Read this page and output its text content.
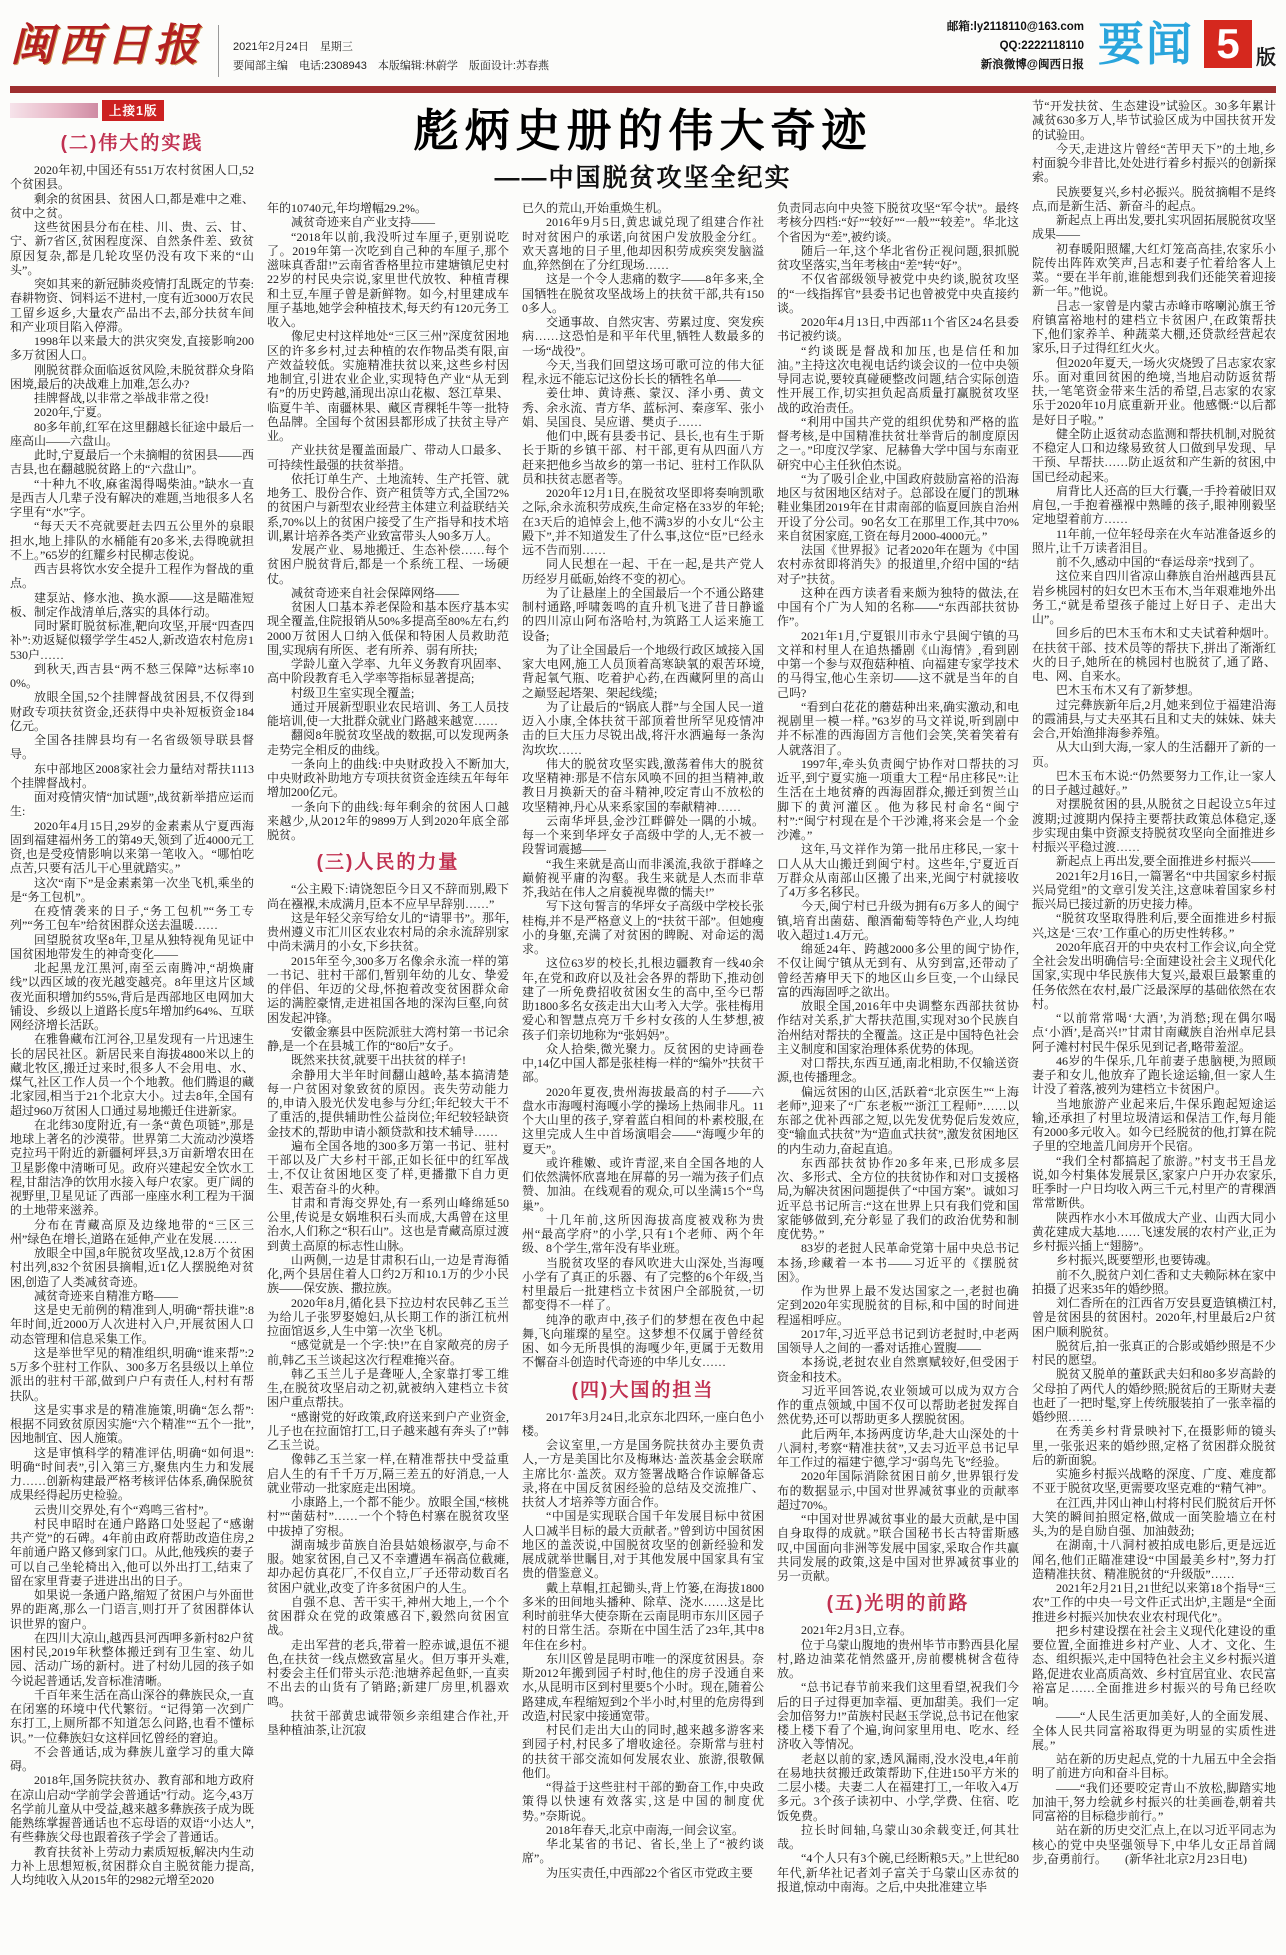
闽西日报	2021年2月24日　星期三
要闻部主编　电话:2308943　本版编辑:林蔚学　版面设计:苏春燕
邮箱:ly2118110@163.com
QQ:2222118110
新浪微博@闽西日报 要闻 5 版
上接1版
(二)伟大的实践

2020年初,中国还有551万农村贫困人口,52个贫困县。

剩余的贫困县、贫困人口,都是难中之难、贫中之贫。

这些贫困县分布在桂、川、贵、云、甘、宁、新7省区,贫困程度深、自然条件差、致贫原因复杂,都是几轮攻坚仍没有攻下来的“山头”。

突如其来的新冠肺炎疫情打乱既定的节奏:春耕物资、饲料运不进村,一度有近3000万农民工留乡返乡,大量农产品出不去,部分扶贫车间和产业项目陷入停滞。

1998年以来最大的洪灾突发,直接影响200多万贫困人口。

刚脱贫群众面临返贫风险,未脱贫群众身陷困境,最后的决战难上加难,怎么办?

挂牌督战,以非常之举战非常之役!

2020年,宁夏。

80多年前,红军在这里翻越长征途中最后一座高山——六盘山。

此时,宁夏最后一个未摘帽的贫困县——西吉县,也在翻越脱贫路上的“六盘山”。

“十种九不收,麻雀渴得喝柴油。”缺水一直是西吉人几辈子没有解决的难题,当地很多人名字里有“水”字。

“每天天不亮就要赶去四五公里外的泉眼担水,地上排队的水桶能有20多米,去得晚就担不上。”65岁的红耀乡村民柳志俊说。

西吉县将饮水安全提升工程作为督战的重点。

建泵站、修水池、换水源——这是瞄准短板、制定作战清单后,落实的具体行动。

同时紧盯脱贫标准,靶向攻坚,开展“四查四补”:劝返疑似辍学学生452人,新改造农村危房1530户……

到秋天,西吉县“两不愁三保障”达标率100%。

放眼全国,52个挂牌督战贫困县,不仅得到财政专项扶贫资金,还获得中央补短板资金184亿元。

全国各挂牌县均有一名省级领导联县督导。

东中部地区2008家社会力量结对帮扶1113个挂牌督战村。

面对疫情灾情“加试题”,战贫新举措应运而生:

2020年4月15日,29岁的金素素从宁夏西海固到福建福州务工的第49天,领到了近4000元工资,也是受疫情影响以来第一笔收入。“哪怕吃点苦,只要有活儿干心里就踏实。”

这次“南下”是金素素第一次坐飞机,乘坐的是“务工包机”。

在疫情袭来的日子,“务工包机”“务工专列”“务工包车”给贫困群众送去温暖……

回望脱贫攻坚8年,卫星从独特视角见证中国贫困地带发生的神奇变化——

北起黑龙江黑河,南至云南腾冲,“胡焕庸线”以西区域的夜光越变越亮。8年里这片区域夜光面积增加约55%,背后是西部地区电网加大铺设、乡级以上道路长度5年增加约64%、互联网经济增长活跃。

在雅鲁藏布江河谷,卫星发现有一片迅速生长的居民社区。新居民来自海拔4800米以上的藏北牧区,搬迁过来时,很多人不会用电、水、煤气,社区工作人员一个个地教。他们腾退的藏北家园,相当于21个北京大小。过去8年,全国有超过960万贫困人口通过易地搬迁住进新家。

在北纬30度附近,有一条“黄色项链”,那是地球上著名的沙漠带。世界第二大流动沙漠塔克拉玛干附近的新疆柯坪县,3万亩新增农田在卫星影像中清晰可见。政府兴建起安全饮水工程,甘甜洁净的饮用水接入每户农家。更广阔的视野里,卫星见证了西部一座座水利工程为干涸的土地带来滋养。

分布在青藏高原及边缘地带的“三区三州”绿色在增长,道路在延伸,产业在发展……

放眼全中国,8年脱贫攻坚战,12.8万个贫困村出列,832个贫困县摘帽,近1亿人摆脱绝对贫困,创造了人类减贫奇迹。

减贫奇迹来自精准方略——

这是史无前例的精准到人,明确“帮扶谁”:8年时间,近2000万人次进村入户,开展贫困人口动态管理和信息采集工作。

这是举世罕见的精准组织,明确“谁来帮”:25万多个驻村工作队、300多万名县级以上单位派出的驻村干部,做到户户有责任人,村村有帮扶队。

这是实事求是的精准施策,明确“怎么帮”:根据不同致贫原因实施“六个精准”“五个一批”,因地制宜、因人施策。

这是审慎科学的精准评估,明确“如何退”:明确“时间表”,引入第三方,聚焦内生力和发展力……创新构建最严格考核评估体系,确保脱贫成果经得起历史检验。

云贵川交界处,有个“鸡鸣三省村”。

村民申昭时在通户路路口处竖起了“感谢共产党”的石碑。4年前由政府帮助改造住房,2年前通户路又修到家门口。从此,他残疾的妻子可以自己坐轮椅出入,他可以外出打工,结束了留在家里背妻子进进出出的日子。

如果说一条通户路,缩短了贫困户与外面世界的距离,那么一门语言,则打开了贫困群体认识世界的窗户。

在四川大凉山,越西县河西呷多新村82户贫困村民,2019年秋整体搬迁到有卫生室、幼儿园、活动广场的新村。进了村幼儿园的孩子如今说起普通话,发音标准清晰。

千百年来生活在高山深谷的彝族民众,一直在闭塞的环境中代代繁衍。“记得第一次到广东打工,上厕所都不知道怎么问路,也看不懂标识。”一位彝族妇女这样回忆曾经的窘迫。

不会普通话,成为彝族儿童学习的重大障碍。

2018年,国务院扶贫办、教育部和地方政府在凉山启动“学前学会普通话”行动。迄今,43万名学前儿童从中受益,越来越多彝族孩子成为既能熟练掌握普通话也不忘母语的双语“小达人”,有些彝族父母也跟着孩子学会了普通话。

教育扶贫补上劳动力素质短板,解决内生动力补上思想短板,贫困群众自主脱贫能力提高,人均纯收入从2015年的2982元增至2020

彪炳史册的伟大奇迹
——中国脱贫攻坚全纪实

年的10740元,年均增幅29.2%。

减贫奇迹来自产业支持——

“2018年以前,我没听过车厘子,更别说吃了。2019年第一次吃到自己种的车厘子,那个滋味真香甜!”云南省香格里拉市建塘镇尼史村22岁的村民央宗说,家里世代放牧、种植青稞和土豆,车厘子曾是新鲜物。如今,村里建成车厘子基地,她学会种植技术,每天约有120元务工收入。

像尼史村这样地处“三区三州”深度贫困地区的许多乡村,过去种植的农作物品类有限,亩产效益较低。实施精准扶贫以来,这些乡村因地制宜,引进农业企业,实现特色产业“从无到有”的历史跨越,涌现出凉山花椒、怒江草果、临夏牛羊、南疆林果、藏区青稞牦牛等一批特色品牌。全国每个贫困县都形成了扶贫主导产业。

产业扶贫是覆盖面最广、带动人口最多、可持续性最强的扶贫举措。

依托订单生产、土地流转、生产托管、就地务工、股份合作、资产租赁等方式,全国72%的贫困户与新型农业经营主体建立利益联结关系,70%以上的贫困户接受了生产指导和技术培训,累计培养各类产业致富带头人90多万人。

发展产业、易地搬迁、生态补偿……每个贫困户脱贫背后,都是一个系统工程、一场硬仗。

减贫奇迹来自社会保障网络——

贫困人口基本养老保险和基本医疗基本实现全覆盖,住院报销从50%多提高至80%左右,约2000万贫困人口纳入低保和特困人员救助范围,实现病有所医、老有所养、弱有所扶;

学龄儿童入学率、九年义务教育巩固率、高中阶段教育毛入学率等指标显著提高;

村级卫生室实现全覆盖;

通过开展新型职业农民培训、务工人员技能培训,使一大批群众就业门路越来越宽……

翻阅8年脱贫攻坚战的数据,可以发现两条走势完全相反的曲线。

一条向上的曲线:中央财政投入不断加大,中央财政补助地方专项扶贫资金连续五年每年增加200亿元。

一条向下的曲线:每年剩余的贫困人口越来越少,从2012年的9899万人到2020年底全部脱贫。

(三)人民的力量

“公主殿下:请饶恕臣今日又不辞而别,殿下尚在襁褓,未成满月,臣本不应早早辞别……”

这是年轻父亲写给女儿的“请罪书”。那年,贵州遵义市汇川区农业农村局的余永流辞别家中尚未满月的小女,下乡扶贫。

2015年至今,300多万名像余永流一样的第一书记、驻村干部们,暂别年幼的儿女、挚爱的伴侣、年迈的父母,怀抱着改变贫困群众命运的满腔豪情,走进祖国各地的深沟巨壑,向贫困发起冲锋。

安徽金寨县中医院派驻大湾村第一书记余静,是一个在县城工作的“80后”女子。

既然来扶贫,就要干出扶贫的样子!

余静用大半年时间翻山越岭,基本搞清楚每一户贫困对象致贫的原因。丧失劳动能力的,申请入股光伏发电参与分红;年纪较大干不了重活的,提供辅助性公益岗位;年纪较轻缺资金技术的,帮助申请小额贷款和技术辅导……

遍布全国各地的300多万第一书记、驻村干部以及广大乡村干部,正如长征中的红军战士,不仅让贫困地区变了样,更播撒下自力更生、艰苦奋斗的火种。

甘肃和青海交界处,有一系列山峰绵延50公里,传说是女娲堆积石头而成,大禹曾在这里治水,人们称之“积石山”。这也是青藏高原过渡到黄土高原的标志性山脉。

山两侧,一边是甘肃积石山,一边是青海循化,两个县居住着人口约2万和10.1万的少小民族——保安族、撒拉族。

2020年8月,循化县下拉边村农民韩乙玉兰为给儿子张罗娶媳妇,从长期工作的浙江杭州拉面馆返乡,人生中第一次坐飞机。

“感觉就是一个字:快!”在自家敞亮的房子前,韩乙玉兰谈起这次行程难掩兴奋。

韩乙玉兰儿子是聋哑人,全家靠打零工维生,在脱贫攻坚启动之初,就被纳入建档立卡贫困户重点帮扶。

“感谢党的好政策,政府送来到户产业资金,儿子也在拉面馆打工,日子越来越有奔头了!”韩乙玉兰说。

像韩乙玉兰家一样,在精准帮扶中受益重启人生的有千千万万,隔三差五的好消息,一人就业带动一批家庭走出困境。

小康路上,一个都不能少。放眼全国,“核桃村”“菌菇村”……一个个特色村寨在脱贫攻坚中拔掉了穷根。

湖南城步苗族自治县姑娘杨淑亭,与命不服。她家贫困,自己又不幸遭遇车祸高位截瘫,却办起仿真花厂,不仅自立,厂子还带动数百名贫困户就业,改变了许多贫困户的人生。

自强不息、苦干实干,神州大地上,一个个贫困群众在党的政策感召下,毅然向贫困宣战。

走出军营的老兵,带着一腔赤诚,退伍不褪色,在扶贫一线点燃致富星火。但万事开头难,村委会主任们带头示范:池塘养起鱼虾,一直卖不出去的山货有了销路;新建厂房里,机器欢鸣。

扶贫干部黄忠诚带领乡亲组建合作社,开垦种植油茶,让沉寂

已久的荒山,开始重焕生机。

2016年9月5日,黄忠诚兑现了组建合作社时对贫困户的承诺,向贫困户发放股金分红。欢天喜地的日子里,他却因积劳成疾突发脑溢血,猝然倒在了分红现场……

这是一个令人悲痛的数字——8年多来,全国牺牲在脱贫攻坚战场上的扶贫干部,共有1500多人。

交通事故、自然灾害、劳累过度、突发疾病……这恐怕是和平年代里,牺牲人数最多的一场“战役”。

今天,当我们回望这场可歌可泣的伟大征程,永远不能忘记这份长长的牺牲名单——

姜仕坤、黄诗燕、蒙汉、泽小勇、黄文秀、余永流、青方华、蓝标河、秦彦军、张小娟、吴国良、吴应谱、樊贞子……

他们中,既有县委书记、县长,也有生于斯长于斯的乡镇干部、村干部,更有从四面八方赶来把他乡当故乡的第一书记、驻村工作队队员和扶贫志愿者等。

2020年12月1日,在脱贫攻坚即将奏响凯歌之际,余永流积劳成疾,生命定格在33岁的年轮;在3天后的追悼会上,他不满3岁的小女儿“公主殿下”,并不知道发生了什么事,这位“臣”已经永远不告而别……

同人民想在一起、干在一起,是共产党人历经岁月砥砺,始终不变的初心。

为了让悬崖上的全国最后一个不通公路建制村通路,呼啸轰鸣的直升机飞进了昔日静谧的四川凉山阿布洛哈村,为筑路工人运来施工设备;

为了让全国最后一个地级行政区域接入国家大电网,施工人员顶着高寒缺氧的艰苦环境,背起氧气瓶、吃着护心药,在西藏阿里的高山之巅竖起塔架、架起线缆;

为了让最后的“锅底人群”与全国人民一道迈入小康,全体扶贫干部顶着世所罕见疫情冲击的巨大压力尽锐出战,将汗水洒遍每一条沟沟坎坎……

伟大的脱贫攻坚实践,激荡着伟大的脱贫攻坚精神:那是不信东风唤不回的担当精神,敢教日月换新天的奋斗精神,咬定青山不放松的攻坚精神,丹心从来系家国的奉献精神……

云南华坪县,金沙江畔僻处一隅的小城。每一个来到华坪女子高级中学的人,无不被一段誓词震撼——

“我生来就是高山而非溪流,我欲于群峰之巅俯视平庸的沟壑。我生来就是人杰而非草芥,我站在伟人之肩藐视卑微的懦夫!”

写下这句誓言的华坪女子高级中学校长张桂梅,并不是严格意义上的“扶贫干部”。但她瘦小的身躯,充满了对贫困的睥睨、对命运的渴求。

这位63岁的校长,扎根边疆教育一线40余年,在党和政府以及社会各界的帮助下,推动创建了一所免费招收贫困女生的高中,至今已帮助1800多名女孩走出大山考入大学。张桂梅用爱心和智慧点亮万千乡村女孩的人生梦想,被孩子们亲切地称为“张妈妈”。

众人拾柴,微光聚力。反贫困的史诗画卷中,14亿中国人都是张桂梅一样的“编外”扶贫干部。

2020年夏夜,贵州海拔最高的村子——六盘水市海嘎村海嘎小学的操场上热闹非凡。11个大山里的孩子,穿着蓝白相间的朴素校服,在这里完成人生中首场演唱会——“海嘎少年的夏天”。

或许稚嫩、或许青涩,来自全国各地的人们依然满怀欣喜地在屏幕的另一端为孩子们点赞、加油。在线观看的观众,可以坐满15个“鸟巢”。

十几年前,这所因海拔高度被戏称为贵州“最高学府”的小学,只有1个老师、两个年级、8个学生,常年没有毕业班。

当脱贫攻坚的春风吹进大山深处,当海嘎小学有了真正的乐器、有了完整的6个年级,当村里最后一批建档立卡贫困户全部脱贫,一切都变得不一样了。

纯净的歌声中,孩子们的梦想在夜色中起舞,飞向璀璨的星空。这梦想不仅属于曾经贫困、如今无所畏惧的海嘎少年,更属于无数用不懈奋斗创造时代奇迹的中华儿女……

(四)大国的担当

2017年3月24日,北京东北四环,一座白色小楼。

会议室里,一方是国务院扶贫办主要负责人,一方是美国比尔及梅琳达·盖茨基金会联席主席比尔·盖茨。双方签署战略合作谅解备忘录,将在中国反贫困经验的总结及交流推广、扶贫人才培养等方面合作。

“中国是实现联合国千年发展目标中贫困人口减半目标的最大贡献者。”曾到访中国贫困地区的盖茨说,中国脱贫攻坚的创新经验和发展成就举世瞩目,对于其他发展中国家具有宝贵的借鉴意义。

戴上草帽,扛起锄头,背上竹篓,在海拔1800多米的田间地头播种、除草、浇水……这是比利时前驻华大使奈斯在云南昆明市东川区园子村的日常生活。奈斯在中国生活了23年,其中8年住在乡村。

东川区曾是昆明市唯一的深度贫困县。奈斯2012年搬到园子村时,他住的房子没通自来水,从昆明市区到村里要5个小时。现在,随着公路建成,车程缩短到2个半小时,村里的危房得到改造,村民家中接通宽带。

村民们走出大山的同时,越来越多游客来到园子村,村民多了增收途径。奈斯常与驻村的扶贫干部交流如何发展农业、旅游,很敬佩他们。

“得益于这些驻村干部的勤奋工作,中央政策得以快速有效落实,这是中国的制度优势。”奈斯说。

2018年春天,北京中南海,一间会议室。

华北某省的书记、省长,坐上了“被约谈席”。

为压实责任,中西部22个省区市党政主要

负责同志向中央签下脱贫攻坚“军令状”。最终考核分四档:“好”“较好”“一般”“较差”。华北这个省因为“差”,被约谈。

随后一年,这个华北省份正视问题,狠抓脱贫攻坚落实,当年考核由“差”转“好”。

不仅省部级领导被党中央约谈,脱贫攻坚的“一线指挥官”县委书记也曾被党中央直接约谈。

2020年4月13日,中西部11个省区24名县委书记被约谈。

“约谈既是督战和加压,也是信任和加油。”主持这次电视电话约谈会议的一位中央领导同志说,要较真碰硬整改问题,结合实际创造性开展工作,切实担负起高质量打赢脱贫攻坚战的政治责任。

“利用中国共产党的组织优势和严格的监督考核,是中国精准扶贫壮举背后的制度原因之一。”印度汉学家、尼赫鲁大学中国与东南亚研究中心主任狄伯杰说。

“为了吸引企业,中国政府鼓励富裕的沿海地区与贫困地区结对子。总部设在厦门的凯琳鞋业集团2019年在甘肃南部的临夏回族自治州开设了分公司。90名女工在那里工作,其中70%来自贫困家庭,工资在每月2000-4000元。”

法国《世界报》记者2020年在题为《中国农村赤贫即将消失》的报道里,介绍中国的“结对子”扶贫。

这种在西方读者看来颇为独特的做法,在中国有个广为人知的名称——“东西部扶贫协作”。

2021年1月,宁夏银川市永宁县闽宁镇的马文祥和村里人在追热播剧《山海情》,看到剧中第一个参与双孢菇种植、向福建专家学技术的马得宝,他心生亲切——这不就是当年的自己吗?

“看到白花花的蘑菇种出来,确实激动,和电视剧里一模一样。”63岁的马文祥说,听到剧中并不标准的西海固方言他们会笑,笑着笑着有人就落泪了。

1997年,牵头负责闽宁协作对口帮扶的习近平,到宁夏实施一项重大工程“吊庄移民”:让生活在土地贫瘠的西海固群众,搬迁到贺兰山脚下的黄河灌区。他为移民村命名“闽宁村”:“闽宁村现在是个干沙滩,将来会是一个金沙滩。”

这年,马文祥作为第一批吊庄移民,一家十口人从大山搬迁到闽宁村。这些年,宁夏近百万群众从南部山区搬了出来,光闽宁村就接收了4万多名移民。

今天,闽宁村已升级为拥有6万多人的闽宁镇,培育出菌菇、酿酒葡萄等特色产业,人均纯收入超过1.4万元。

绵延24年、跨越2000多公里的闽宁协作,不仅让闽宁镇从无到有、从穷到富,还带动了曾经苦瘠甲天下的地区山乡巨变,一个山绿民富的西海固呼之欲出。

放眼全国,2016年中央调整东西部扶贫协作结对关系,扩大帮扶范围,实现对30个民族自治州结对帮扶的全覆盖。这正是中国特色社会主义制度和国家治理体系优势的体现。

对口帮扶,东西互通,南北相助,不仅输送资源,也传播理念。

偏远贫困的山区,活跃着“北京医生”“上海老师”,迎来了“广东老板”“浙江工程师”……以东部之优补西部之短,以先发优势促后发效应,变“输血式扶贫”为“造血式扶贫”,激发贫困地区的内生动力,奋起直追。

东西部扶贫协作20多年来,已形成多层次、多形式、全方位的扶贫协作和对口支援格局,为解决贫困问题提供了“中国方案”。诚如习近平总书记所言:“这在世界上只有我们党和国家能够做到,充分彰显了我们的政治优势和制度优势。”

83岁的老挝人民革命党第十届中央总书记本扬,珍藏着一本书——习近平的《摆脱贫困》。

作为世界上最不发达国家之一,老挝也确定到2020年实现脱贫的目标,和中国的时间进程遥相呼应。

2017年,习近平总书记到访老挝时,中老两国领导人之间的一番对话推心置腹——

本扬说,老挝农业自然禀赋较好,但受困于资金和技术。

习近平回答说,农业领域可以成为双方合作的重点领域,中国不仅可以帮助老挝发挥自然优势,还可以帮助更多人摆脱贫困。

此后两年,本扬两度访华,赴大山深处的十八洞村,考察“精准扶贫”,又去习近平总书记早年工作过的福建宁德,学习“弱鸟先飞”经验。

2020年国际消除贫困日前夕,世界银行发布的数据显示,中国对世界减贫事业的贡献率超过70%。

“中国对世界减贫事业的最大贡献,是中国自身取得的成就。”联合国秘书长古特雷斯感叹,中国面向非洲等发展中国家,采取合作共赢共同发展的政策,这是中国对世界减贫事业的另一贡献。

(五)光明的前路

2021年2月3日,立春。

位于乌蒙山腹地的贵州毕节市黔西县化屋村,路边油菜花悄然盛开,房前樱桃树含苞待放。

“总书记春节前来我们这里看望,祝我们今后的日子过得更加幸福、更加甜美。我们一定会加倍努力!”苗族村民赵玉学说,总书记在他家楼上楼下看了个遍,询问家里用电、吃水、经济收入等情况。

老赵以前的家,透风漏雨,没水没电,4年前在易地扶贫搬迁政策帮助下,住进150平方米的二层小楼。夫妻二人在福建打工,一年收入4万多元。3个孩子读初中、小学,学费、住宿、吃饭免费。

拉长时间轴,乌蒙山30余载变迁,何其壮哉。

“4个人只有3个碗,已经断粮5天。”上世纪80年代,新华社记者刘子富关于乌蒙山区赤贫的报道,惊动中南海。之后,中央批准建立毕

节“开发扶贫、生态建设”试验区。30多年累计减贫630多万人,毕节试验区成为中国扶贫开发的试验田。

今天,走进这片曾经“苦甲天下”的土地,乡村面貌今非昔比,处处进行着乡村振兴的创新探索。

民族要复兴,乡村必振兴。脱贫摘帽不是终点,而是新生活、新奋斗的起点。

新起点上再出发,要扎实巩固拓展脱贫攻坚成果——

初春暖阳照耀,大红灯笼高高挂,农家乐小院传出阵阵欢笑声,吕志和妻子忙着给客人上菜。“要在半年前,谁能想到我们还能笑着迎接新一年。”他说。

吕志一家曾是内蒙古赤峰市喀喇沁旗王爷府镇富裕地村的建档立卡贫困户,在政策帮扶下,他们家养羊、种蔬菜大棚,还贷款经营起农家乐,日子过得红红火火。

但2020年夏天,一场火灾烧毁了吕志家农家乐。面对重回贫困的绝境,当地启动防返贫帮扶,一笔笔资金带来生活的希望,吕志家的农家乐于2020年10月底重新开业。他感慨:“以后都是好日子啦。”

健全防止返贫动态监测和帮扶机制,对脱贫不稳定人口和边缘易致贫人口做到早发现、早干预、早帮扶……防止返贫和产生新的贫困,中国已经动起来。

肩背比人还高的巨大行囊,一手拎着破旧双肩包,一手抱着襁褓中熟睡的孩子,眼神刚毅坚定地望着前方……

11年前,一位年轻母亲在火车站准备返乡的照片,让千万读者泪目。

前不久,感动中国的“春运母亲”找到了。

这位来自四川省凉山彝族自治州越西县瓦岩乡桃园村的妇女巴木玉布木,当年艰难地外出务工,“就是希望孩子能过上好日子、走出大山”。

回乡后的巴木玉布木和丈夫试着种烟叶。在扶贫干部、技术员等的帮扶下,拼出了渐渐红火的日子,她所在的桃园村也脱贫了,通了路、电、网、自来水。

巴木玉布木又有了新梦想。

过完彝族新年后,2月,她来到位于福建沿海的霞浦县,与丈夫巫其石且和丈夫的妹妹、妹夫会合,开始渔排海参养殖。

从大山到大海,一家人的生活翻开了新的一页。

巴木玉布木说:“仍然要努力工作,让一家人的日子越过越好。”

对摆脱贫困的县,从脱贫之日起设立5年过渡期;过渡期内保持主要帮扶政策总体稳定,逐步实现由集中资源支持脱贫攻坚向全面推进乡村振兴平稳过渡……

新起点上再出发,要全面推进乡村振兴——

2021年2月16日,一篇署名“中共国家乡村振兴局党组”的文章引发关注,这意味着国家乡村振兴局已接过新的历史接力棒。

“脱贫攻坚取得胜利后,要全面推进乡村振兴,这是‘三农’工作重心的历史性转移。”

2020年底召开的中央农村工作会议,向全党全社会发出明确信号:全面建设社会主义现代化国家,实现中华民族伟大复兴,最艰巨最繁重的任务依然在农村,最广泛最深厚的基础依然在农村。

“以前常常喝‘大酒’,为消愁;现在偶尔喝点‘小酒’,是高兴!”甘肃甘南藏族自治州卓尼县阿子滩村村民牛保乐见到记者,略带羞涩。

46岁的牛保乐,几年前妻子患脑梗,为照顾妻子和女儿,他放弃了跑长途运输,但一家人生计没了着落,被列为建档立卡贫困户。

当地旅游产业起来后,牛保乐跑起短途运输,还承担了村里垃圾清运和保洁工作,每月能有2000多元收入。如今已经脱贫的他,打算在院子里的空地盖几间房开个民宿。

“我们全村都搞起了旅游。”村支书王昌龙说,如今村集体发展景区,家家户户开办农家乐,旺季时一户日均收入两三千元,村里产的青稞酒常常断供。

陕西柞水小木耳做成大产业、山西大同小黄花建成大基地……飞速发展的农村产业,正为乡村振兴插上“翅膀”。

乡村振兴,既要塑形,也要铸魂。

前不久,脱贫户刘仁香和丈夫赖际林在家中拍摄了迟来35年的婚纱照。

刘仁香所在的江西省万安县夏造镇横江村,曾是贫困县的贫困村。2020年,村里最后2户贫困户顺利脱贫。

脱贫后,拍一张真正的合影或婚纱照是不少村民的愿望。

脱贫又脱单的董跃武夫妇和80多岁高龄的父母拍了两代人的婚纱照;脱贫后的王斯财夫妻也赶了一把时髦,穿上传统服装拍了一张幸福的婚纱照……

在秀美乡村背景映衬下,在摄影师的镜头里,一张张迟来的婚纱照,定格了贫困群众脱贫后的新面貌。

实施乡村振兴战略的深度、广度、难度都不亚于脱贫攻坚,更需要攻坚克难的“精气神”。

在江西,井冈山神山村将村民们脱贫后开怀大笑的瞬间拍照定格,做成一面笑脸墙立在村头,为的是自励自强、加油鼓劲;

在湖南,十八洞村被拍成电影后,更是远近闻名,他们正瞄准建设“中国最美乡村”,努力打造精准扶贫、精准脱贫的“升级版”……

2021年2月21日,21世纪以来第18个指导“三农”工作的中央一号文件正式出炉,主题是“全面推进乡村振兴加快农业农村现代化”。

把乡村建设摆在社会主义现代化建设的重要位置,全面推进乡村产业、人才、文化、生态、组织振兴,走中国特色社会主义乡村振兴道路,促进农业高质高效、乡村宜居宜业、农民富裕富足……全面推进乡村振兴的号角已经吹响。

——“人民生活更加美好,人的全面发展、全体人民共同富裕取得更为明显的实质性进展。”

站在新的历史起点,党的十九届五中全会指明了前进方向和奋斗目标。

——“我们还要咬定青山不放松,脚踏实地加油干,努力绘就乡村振兴的壮美画卷,朝着共同富裕的目标稳步前行。”

站在新的历史交汇点上,在以习近平同志为核心的党中央坚强领导下,中华儿女正昂首阔步,奋勇前行。　　(新华社北京2月23日电)
